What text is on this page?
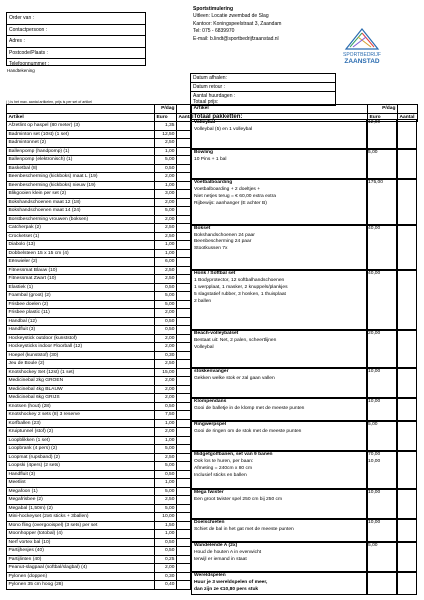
Order van :
Contactpersoon :
Adres :
Postcode/Plaats :
Telefoonnummer :
Handtekening
Sportstimulering
Uitleen: Locatie zwembad de Slag
Kantoor: Koningspeelstraat 3, Zaandam
Tel: 075 - 6839970
E-mail: b.lindt@sportbedrijfzaanstad.nl
SPORTBEDRIJF
ZAANSTAD
Datum afhalen:
Datum retour :
Aantal huurdagen :
Totaal prijs:
( ) is het max. aantal artikelen, prijs is per set of artikel
	P/dag	
Artikel	Euro	Aantal
Afzetlint op haspel (80 meter) (3)	1,35	
Badminton set (10st) (1 set)	12,50	
Badmintonnet (2)	2,50	
Ballenpomp (handpomp) (1)	1,00	
Ballenpomp (elektronisch) (1)	5,00	
Basketbal (8)	0,50	
Beenbescherming (kickboks) maat L (19)	2,00	
Beenbescherming (kickboks) nieuw (19)	1,00	
Blikgooien klein per set (2)	3,00	
Bokshandschoenen maat 12 (18)	2,00	
Bokshandschoenen maat 14 (24)	5,00	
Borstbescherming vrouwen (boksen)	2,00	
Catcherpak (2)	2,50	
Crocketset (1)	2,50	
Diabolo (13)	1,00	
Dobbelsteen 15 x 15 cm (4)	1,00	
Eënwieler (2)	6,00	
Fitnessmat Blauw (10)	2,50	
Fitnessmat Zwart (10)	2,50	
Elastiek (1)	0,50	
Foambal (groot) (2)	5,00	
Frisbee doelen (2)	5,00	
Frisbee plastic (11)	2,00	
Handbal (12)	0,50	
Handfluit (3)	0,50	
Hockeystick outdoor (kunststof)	2,00	
Hockeysticks indoor Floorball (12)	2,00	
Hoepel (kunststof) (30)	0,30	
Jeu de Boule (2)	2,50	
Knotshockey Set (12st) (1 set)	15,00	
Medicinebal 2kg GROEN	2,00	
Medicinebal 4kg BLAUW	2,00	
Medicinebal 6kg GRIJS	2,00	
Knotsen (hout) (28)	0,50	
Knotshockey 2 sets (8) 3 reserve	7,50	
Korfballen (23)	1,00	
Kruiptunnel (stof) (2)	2,00	
Loopblikken (1 set)	1,00	
Loopbrank (4 pers) (2)	5,00	
Loopmat (rupsband) (2)	2,50	
Loopski (4pers) (2 sets)	5,00	
Handfluit (3)	0,50	
Meetlint	1,00	
Megafoon (1)	5,00	
Megafrisbee (2)	2,50	
Megabal (1,50m) (2)	5,00	
Mini-hockeyset (2x6 sticks + 3ballen)	10,00	
Mono fling (overgooispel) (3 sets) per set	1,50	
Moonhopper (totobal) (4)	1,00	
Nerf vortex bal (10)	0,50	
Partijhesjes (40)	0,50	
Partijlinten (40)	0,25	
Peanut-slagpaal (softbal/slagbal) (4)	2,00	
Pylonen (doppen)	0,30	
Pylonen 35 cm hoog (28)	0,40	
Artikel	P/dag	
Totaal pakketten:	Euro	Aantal
Volleybal
Volleybal (5) en 1 volleybal
12,00
Bowling
10 Pins + 1 bal
5,00
Voetbalboarding
Voetbalboarding + 2 doeltjes +
Niet netjes terug = € 60,00 extra extra
Rijbewijs: aanhanger (E achter B)
175,00
Bokset
Bokshandschoenen 24 paar
Beenbescherming 24 paar
Stootkussen 7x
40,00
Honk / Softbal set
1 Bodyprotector, 12 softbalhandschoenen
1 werpplaat, 1 masker, 2 knuppels/plankjes
5 slagstatief rubber, 3 honken, 1 thuisplaat
2 ballen
40,00
Beach-volleybalset
Bestaat uit: Net, 2 palen, scheertlijnen
Volleybal
20,00
stokkenvanger
Gekken welke stok er zal gaan vallen
10,00
Klompendans
Gooi de balletje in de klomp met de meeste punten
10,00
Ringwerpspel
Gooi de ringen om de stok met de meeste punten
5,00
Midgetgolfbanen, set van 9 banen
Ook los te huren, per baan:
Afmeting = 240cm x 80 cm
Inclusief sticks en ballen
70,00
10,00
Mega twister
Een groot twister spel 250 cm bij 250 cm
10,00
Doelschieten
Schiet de bal in het gat met de meeste punten
10,00
Wandelende A (2x)
Houd de houten A in evenwicht
terwijl er iemand in staat
5,00
Wereldspelen
Huur je 3 wereldspelen of meer,
dan zijn ze €10,80 pers stuk
